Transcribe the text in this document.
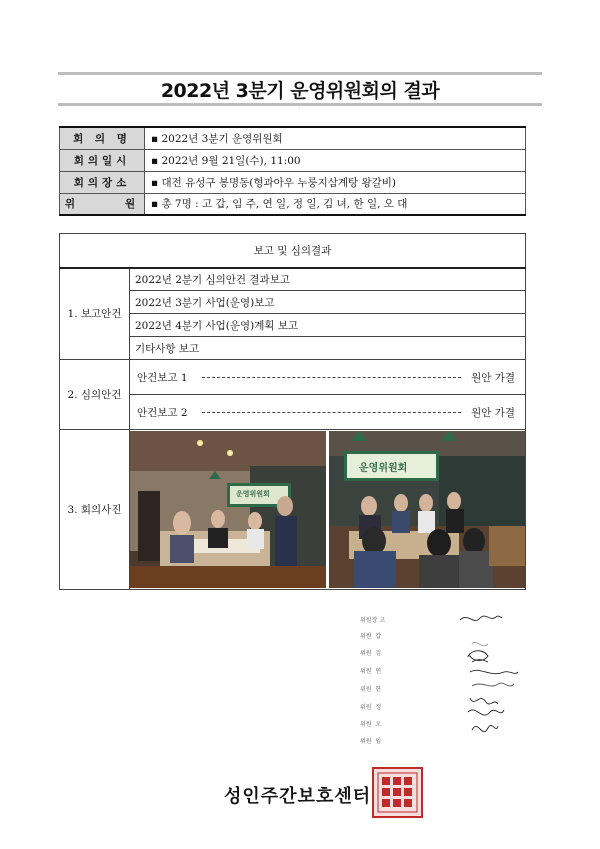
2022년 3분기 운영위원회의 결과
˙
회 의 명	▪ 2022년 3분기 운영위원회
회의일시	▪ 2022년 9월 21일(수), 11:00
회의장소	▪ 대전 유성구 봉명동(형과아우 누룽지삼계탕 왕갈비)
위      원	▪ 총 7명 : 고 갑, 임 주, 연 일, 정 일, 김 녀, 한 일, 오 대
보고 및 심의결과	
1. 보고안건	2022년 2분기 심의안건 결과보고
	2022년 3분기 사업(운영)보고
	2022년 4분기 사업(운영)계획 보고
	기타사항 보고
2. 심의안건	안건보고 1 원안 가결

	안건보고 2 원안 가결

3. 회의사진	운영위원회
운영위원회
위원장 고
위원 갑
위원 김
위원 연
위원 한
위원 정
위원 오
위원 임
성인주간보호센터
